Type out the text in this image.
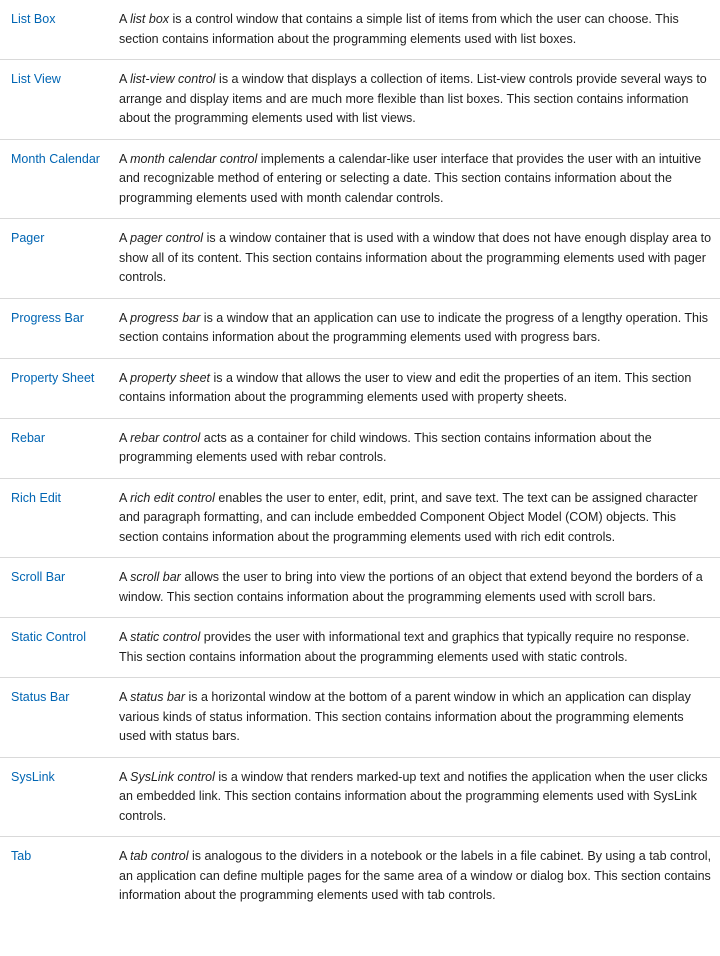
List Box	A list box is a control window that contains a simple list of items from which the user can choose. This section contains information about the programming elements used with list boxes.
List View	A list-view control is a window that displays a collection of items. List-view controls provide several ways to arrange and display items and are much more flexible than list boxes. This section contains information about the programming elements used with list views.
Month Calendar	A month calendar control implements a calendar-like user interface that provides the user with an intuitive and recognizable method of entering or selecting a date. This section contains information about the programming elements used with month calendar controls.
Pager	A pager control is a window container that is used with a window that does not have enough display area to show all of its content. This section contains information about the programming elements used with pager controls.
Progress Bar	A progress bar is a window that an application can use to indicate the progress of a lengthy operation. This section contains information about the programming elements used with progress bars.
Property Sheet	A property sheet is a window that allows the user to view and edit the properties of an item. This section contains information about the programming elements used with property sheets.
Rebar	A rebar control acts as a container for child windows. This section contains information about the programming elements used with rebar controls.
Rich Edit	A rich edit control enables the user to enter, edit, print, and save text. The text can be assigned character and paragraph formatting, and can include embedded Component Object Model (COM) objects. This section contains information about the programming elements used with rich edit controls.
Scroll Bar	A scroll bar allows the user to bring into view the portions of an object that extend beyond the borders of a window. This section contains information about the programming elements used with scroll bars.
Static Control	A static control provides the user with informational text and graphics that typically require no response. This section contains information about the programming elements used with static controls.
Status Bar	A status bar is a horizontal window at the bottom of a parent window in which an application can display various kinds of status information. This section contains information about the programming elements used with status bars.
SysLink	A SysLink control is a window that renders marked-up text and notifies the application when the user clicks an embedded link. This section contains information about the programming elements used with SysLink controls.
Tab	A tab control is analogous to the dividers in a notebook or the labels in a file cabinet. By using a tab control, an application can define multiple pages for the same area of a window or dialog box. This section contains information about the programming elements used with tab controls.
